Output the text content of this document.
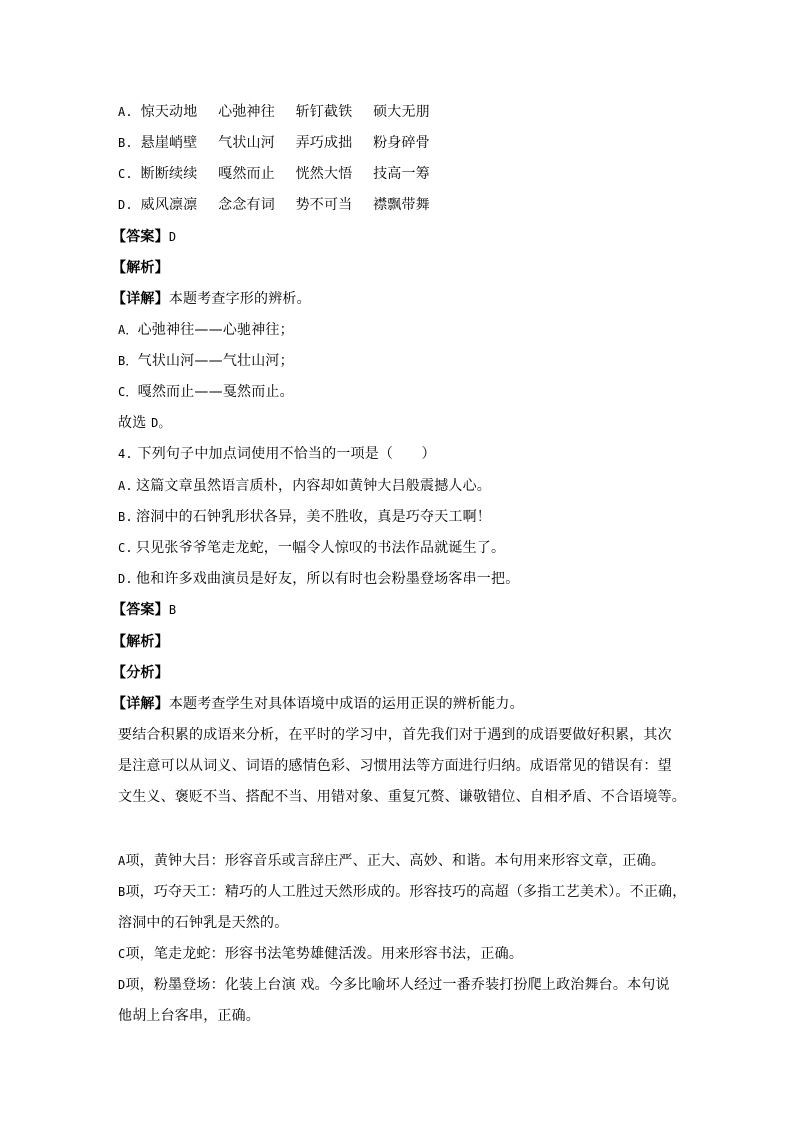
A. 惊天动地 心弛神往 斩钉截铁 硕大无朋
B. 悬崖峭壁 气状山河 弄巧成拙 粉身碎骨
C. 断断续续 嘎然而止 恍然大悟 技高一筹
D. 威风凛凛 念念有词 势不可当 襟飘带舞
【答案】D
【解析】
【详解】本题考查字形的辨析。
A．心弛神往——心驰神往；
B．气状山河——气壮山河；
C．嘎然而止——戛然而止。
故选 D。
4. 下列句子中加点词使用不恰当的一项是（　　）
A. 这篇文章虽然语言质朴，内容却如黄钟大吕般震撼人心。
B. 溶洞中的石钟乳形状各异，美不胜收，真是巧夺天工啊！
C. 只见张爷爷笔走龙蛇，一幅令人惊叹的书法作品就诞生了。
D. 他和许多戏曲演员是好友，所以有时也会粉墨登场客串一把。
【答案】B
【解析】
【分析】
【详解】本题考查学生对具体语境中成语的运用正误的辨析能力。
要结合积累的成语来分析，在平时的学习中，首先我们对于遇到的成语要做好积累，其次
是注意可以从词义、词语的感情色彩、习惯用法等方面进行归纳。成语常见的错误有：望
文生义、褒贬不当、搭配不当、用错对象、重复冗赘、谦敬错位、自相矛盾、不合语境等。
A项，黄钟大吕：形容音乐或言辞庄严、正大、高妙、和谐。本句用来形容文章，正确。
B项，巧夺天工：精巧的人工胜过天然形成的。形容技巧的高超（多指工艺美术）。不正确，
溶洞中的石钟乳是天然的。
C项，笔走龙蛇：形容书法笔势雄健活泼。用来形容书法，正确。
D项，粉墨登场：化装上台演 戏。今多比喻坏人经过一番乔装打扮爬上政治舞台。本句说
他胡上台客串，正确。
